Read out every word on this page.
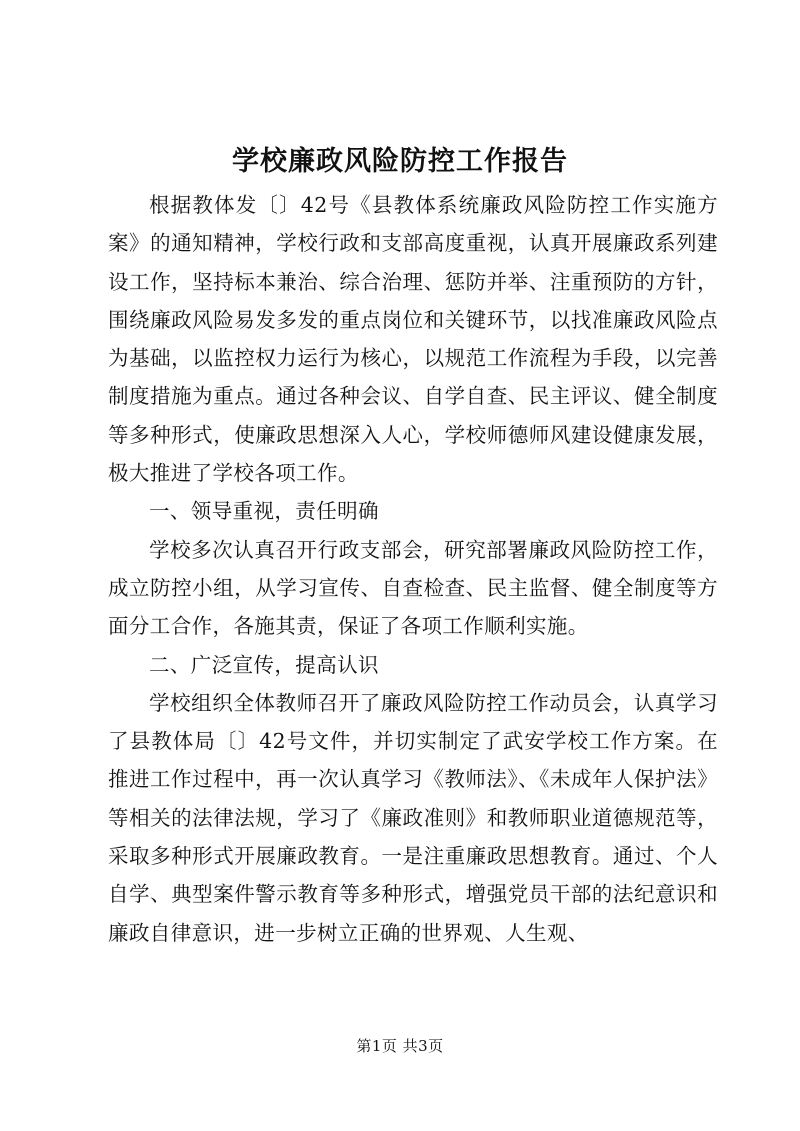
学校廉政风险防控工作报告

根据教体发〔〕42号《县教体系统廉政风险防控工作实施方案》的通知精神，学校行政和支部高度重视，认真开展廉政系列建设工作，坚持标本兼治、综合治理、惩防并举、注重预防的方针，围绕廉政风险易发多发的重点岗位和关键环节，以找准廉政风险点为基础，以监控权力运行为核心，以规范工作流程为手段，以完善制度措施为重点。通过各种会议、自学自查、民主评议、健全制度等多种形式，使廉政思想深入人心，学校师德师风建设健康发展，极大推进了学校各项工作。

一、领导重视，责任明确

学校多次认真召开行政支部会，研究部署廉政风险防控工作，成立防控小组，从学习宣传、自查检查、民主监督、健全制度等方面分工合作，各施其责，保证了各项工作顺利实施。

二、广泛宣传，提高认识

学校组织全体教师召开了廉政风险防控工作动员会，认真学习了县教体局〔〕42号文件，并切实制定了武安学校工作方案。在推进工作过程中，再一次认真学习《教师法》、《未成年人保护法》等相关的法律法规，学习了《廉政准则》和教师职业道德规范等，采取多种形式开展廉政教育。一是注重廉政思想教育。通过、个人自学、典型案件警示教育等多种形式，增强党员干部的法纪意识和廉政自律意识，进一步树立正确的世界观、人生观、

第1页 共3页
